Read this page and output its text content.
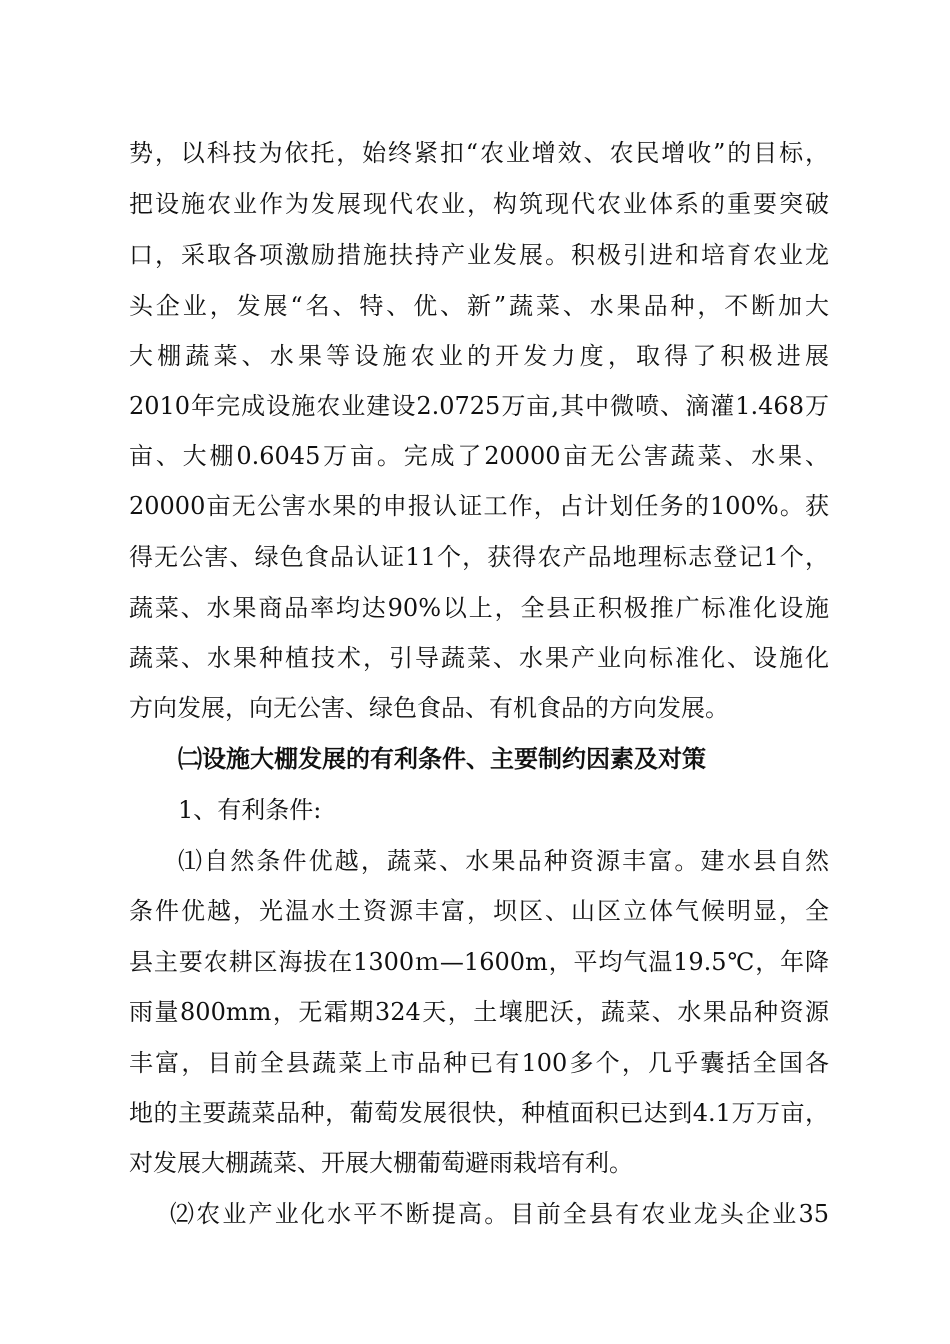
势，以科技为依托，始终紧扣“农业增效、农民增收”的目标，
把设施农业作为发展现代农业，构筑现代农业体系的重要突破
口，采取各项激励措施扶持产业发展。积极引进和培育农业龙
头企业，发展“名、特、优、新”蔬菜、水果品种，不断加大
大棚蔬菜、水果等设施农业的开发力度，取得了积极进展
2010年完成设施农业建设2.0725万亩,其中微喷、滴灌1.468万
亩、大棚0.6045万亩。完成了20000亩无公害蔬菜、水果、
20000亩无公害水果的申报认证工作，占计划任务的100%。获
得无公害、绿色食品认证11个，获得农产品地理标志登记1个，
蔬菜、水果商品率均达90%以上，全县正积极推广标准化设施
蔬菜、水果种植技术，引导蔬菜、水果产业向标准化、设施化
方向发展，向无公害、绿色食品、有机食品的方向发展。
㈡设施大棚发展的有利条件、主要制约因素及对策
1、有利条件:
⑴自然条件优越，蔬菜、水果品种资源丰富。建水县自然
条件优越，光温水土资源丰富，坝区、山区立体气候明显，全
县主要农耕区海拔在1300ｍ—1600m，平均气温19.5℃，年降
雨量800mm，无霜期324天，土壤肥沃，蔬菜、水果品种资源
丰富，目前全县蔬菜上市品种已有100多个，几乎囊括全国各
地的主要蔬菜品种，葡萄发展很快，种植面积已达到4.1万万亩，
对发展大棚蔬菜、开展大棚葡萄避雨栽培有利。
⑵农业产业化水平不断提高。目前全县有农业龙头企业35
